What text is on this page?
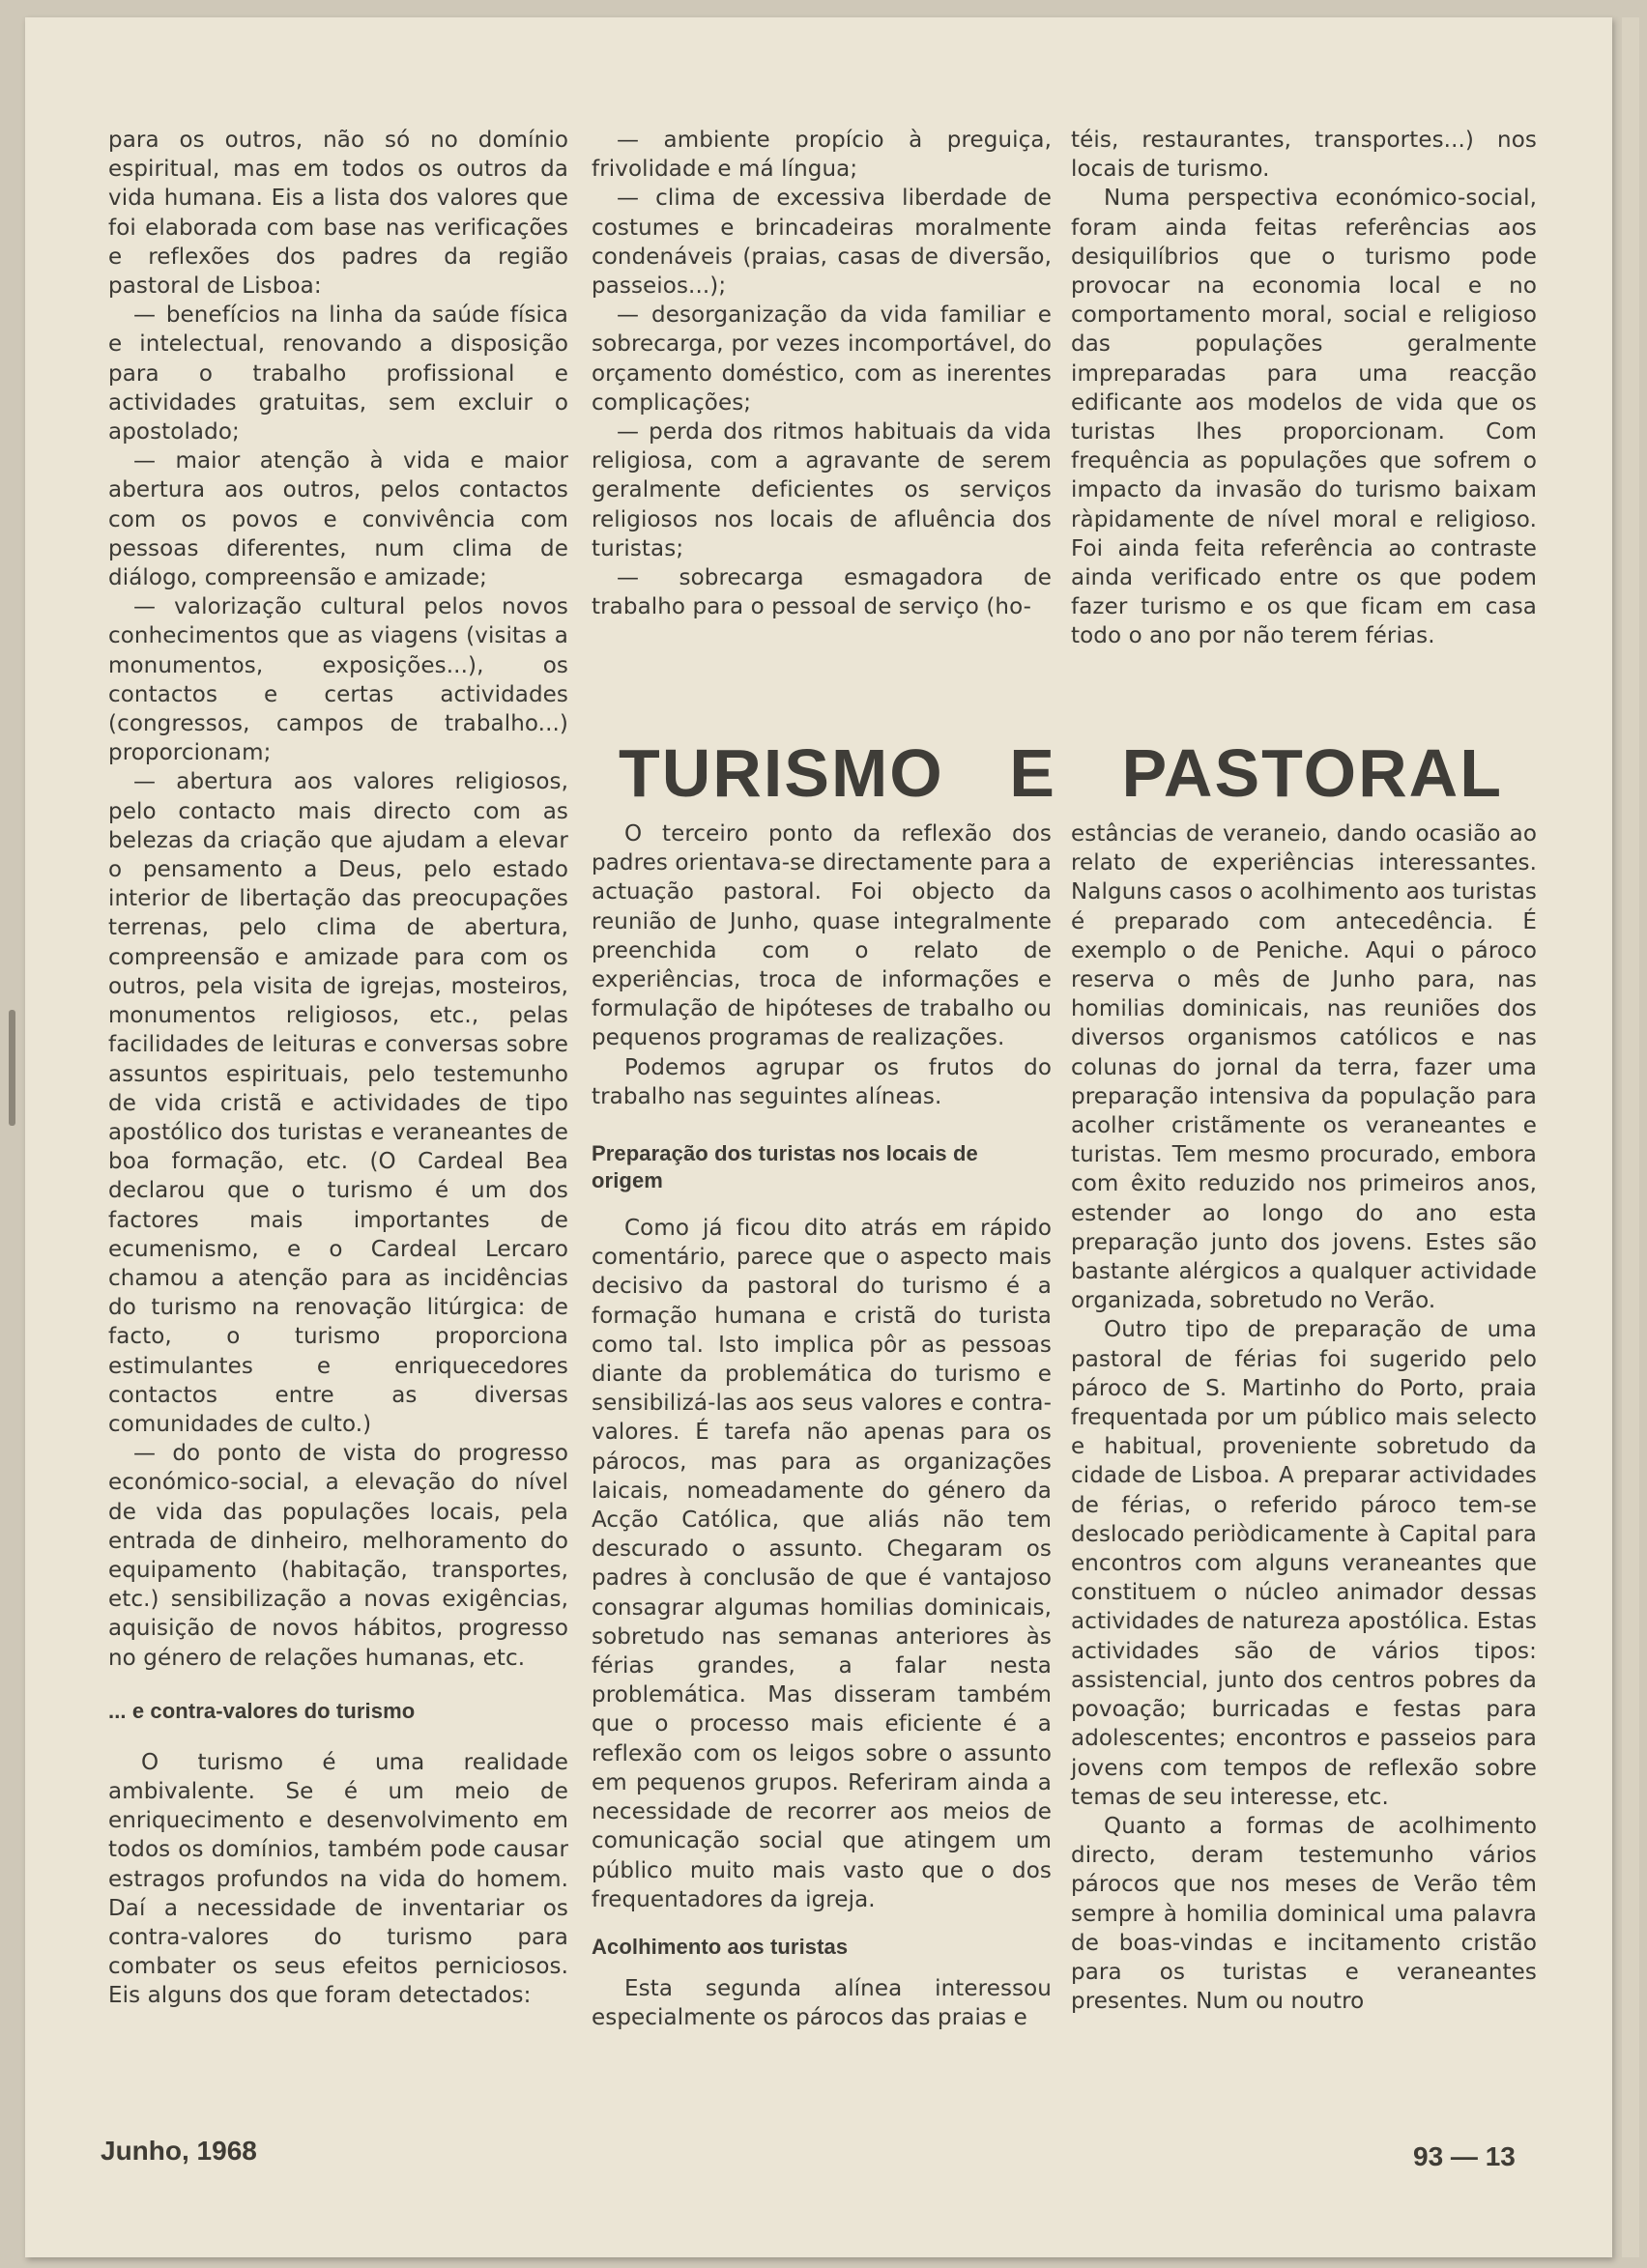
para os outros, não só no domínio espiritual, mas em todos os outros da vida humana. Eis a lista dos valores que foi elaborada com base nas verificações e reflexões dos padres da região pastoral de Lisboa:

— benefícios na linha da saúde física e intelectual, renovando a disposição para o trabalho profissional e actividades gratuitas, sem excluir o apostolado;

— maior atenção à vida e maior abertura aos outros, pelos contactos com os povos e convivência com pessoas diferentes, num clima de diálogo, compreensão e amizade;

— valorização cultural pelos novos conhecimentos que as viagens (visitas a monumentos, exposições...), os contactos e certas actividades (congressos, campos de trabalho...) proporcionam;

— abertura aos valores religiosos, pelo contacto mais directo com as belezas da criação que ajudam a elevar o pensamento a Deus, pelo estado interior de libertação das preocupações terrenas, pelo clima de abertura, compreensão e amizade para com os outros, pela visita de igrejas, mosteiros, monumentos religiosos, etc., pelas facilidades de leituras e conversas sobre assuntos espirituais, pelo testemunho de vida cristã e actividades de tipo apostólico dos turistas e veraneantes de boa formação, etc. (O Cardeal Bea declarou que o turismo é um dos factores mais importantes de ecumenismo, e o Cardeal Lercaro chamou a atenção para as incidências do turismo na renovação litúrgica: de facto, o turismo proporciona estimulantes e enriquecedores contactos entre as diversas comunidades de culto.)

— do ponto de vista do progresso económico-social, a elevação do nível de vida das populações locais, pela entrada de dinheiro, melhoramento do equipamento (habitação, transportes, etc.) sensibilização a novas exigências, aquisição de novos hábitos, progresso no género de relações humanas, etc.

... e contra-valores do turismo

O turismo é uma realidade ambivalente. Se é um meio de enriquecimento e desenvolvimento em todos os domínios, também pode causar estragos profundos na vida do homem. Daí a necessidade de inventariar os contra-valores do turismo para combater os seus efeitos perniciosos. Eis alguns dos que foram detectados:

— ambiente propício à preguiça, frivolidade e má língua;

— clima de excessiva liberdade de costumes e brincadeiras moralmente condenáveis (praias, casas de diversão, passeios...);

— desorganização da vida familiar e sobrecarga, por vezes incomportável, do orçamento doméstico, com as inerentes complicações;

— perda dos ritmos habituais da vida religiosa, com a agravante de serem geralmente deficientes os serviços religiosos nos locais de afluência dos turistas;

— sobrecarga esmagadora de trabalho para o pessoal de serviço (ho-

téis, restaurantes, transportes...) nos locais de turismo.

Numa perspectiva económico-social, foram ainda feitas referências aos desiquilíbrios que o turismo pode provocar na economia local e no comportamento moral, social e religioso das populações geralmente impreparadas para uma reacção edificante aos modelos de vida que os turistas lhes proporcionam. Com frequência as populações que sofrem o impacto da invasão do turismo baixam ràpidamente de nível moral e religioso. Foi ainda feita referência ao contraste ainda verificado entre os que podem fazer turismo e os que ficam em casa todo o ano por não terem férias.

TURISMO E PASTORAL

O terceiro ponto da reflexão dos padres orientava-se directamente para a actuação pastoral. Foi objecto da reunião de Junho, quase integralmente preenchida com o relato de experiências, troca de informações e formulação de hipóteses de trabalho ou pequenos programas de realizações.

Podemos agrupar os frutos do trabalho nas seguintes alíneas.

Preparação dos turistas nos locais de origem

Como já ficou dito atrás em rápido comentário, parece que o aspecto mais decisivo da pastoral do turismo é a formação humana e cristã do turista como tal. Isto implica pôr as pessoas diante da problemática do turismo e sensibilizá-las aos seus valores e contra-valores. É tarefa não apenas para os párocos, mas para as organizações laicais, nomeadamente do género da Acção Católica, que aliás não tem descurado o assunto. Chegaram os padres à conclusão de que é vantajoso consagrar algumas homilias dominicais, sobretudo nas semanas anteriores às férias grandes, a falar nesta problemática. Mas disseram também que o processo mais eficiente é a reflexão com os leigos sobre o assunto em pequenos grupos. Referiram ainda a necessidade de recorrer aos meios de comunicação social que atingem um público muito mais vasto que o dos frequentadores da igreja.

Acolhimento aos turistas

Esta segunda alínea interessou especialmente os párocos das praias e

estâncias de veraneio, dando ocasião ao relato de experiências interessantes. Nalguns casos o acolhimento aos turistas é preparado com antecedência. É exemplo o de Peniche. Aqui o pároco reserva o mês de Junho para, nas homilias dominicais, nas reuniões dos diversos organismos católicos e nas colunas do jornal da terra, fazer uma preparação intensiva da população para acolher cristãmente os veraneantes e turistas. Tem mesmo procurado, embora com êxito reduzido nos primeiros anos, estender ao longo do ano esta preparação junto dos jovens. Estes são bastante alérgicos a qualquer actividade organizada, sobretudo no Verão.

Outro tipo de preparação de uma pastoral de férias foi sugerido pelo pároco de S. Martinho do Porto, praia frequentada por um público mais selecto e habitual, proveniente sobretudo da cidade de Lisboa. A preparar actividades de férias, o referido pároco tem-se deslocado periòdicamente à Capital para encontros com alguns veraneantes que constituem o núcleo animador dessas actividades de natureza apostólica. Estas actividades são de vários tipos: assistencial, junto dos centros pobres da povoação; burricadas e festas para adolescentes; encontros e passeios para jovens com tempos de reflexão sobre temas de seu interesse, etc.

Quanto a formas de acolhimento directo, deram testemunho vários párocos que nos meses de Verão têm sempre à homilia dominical uma palavra de boas-vindas e incitamento cristão para os turistas e veraneantes presentes. Num ou noutro

Junho, 1968	93 — 13
